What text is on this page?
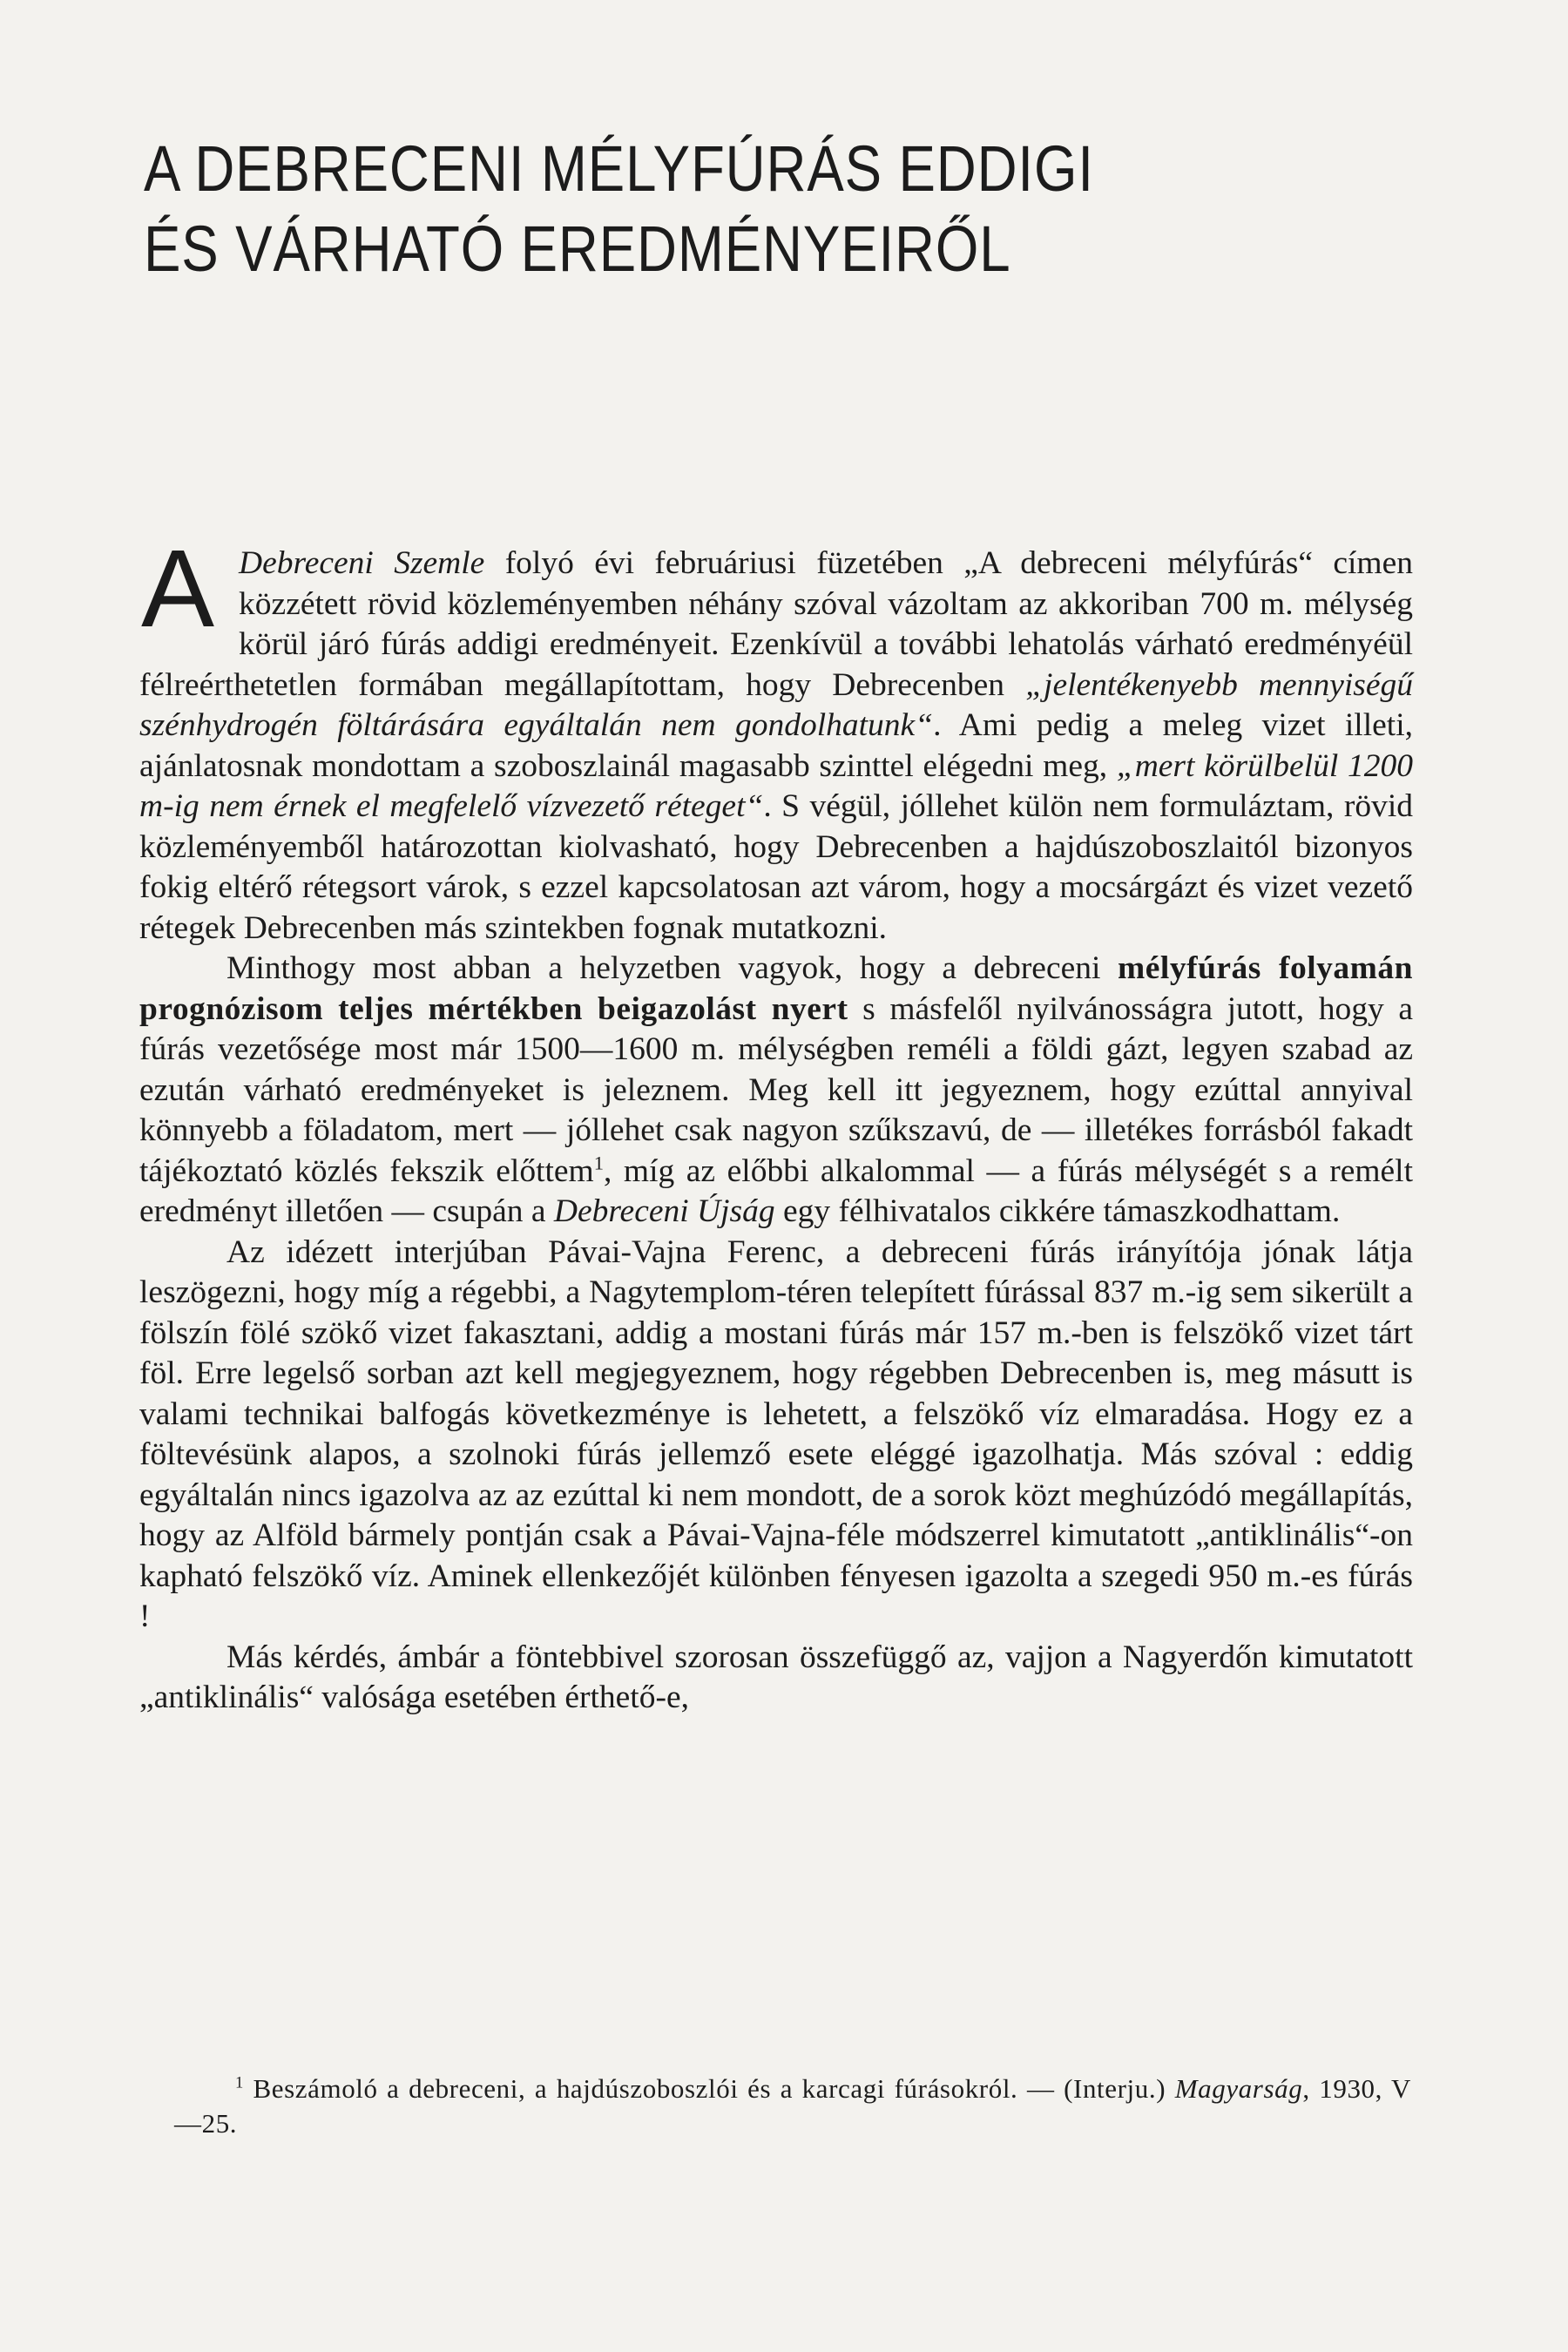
A DEBRECENI MÉLYFÚRÁS EDDIGI
ÉS VÁRHATÓ EREDMÉNYEIRŐL

A Debreceni Szemle folyó évi februáriusi füzetében „A debreceni mélyfúrás“ címen közzétett rövid közleményemben néhány szóval vázoltam az akkoriban 700 m. mélység körül járó fúrás addigi eredményeit. Ezenkívül a további lehatolás várható eredményéül félreérthetetlen formában megállapítottam, hogy Debrecenben „jelentékenyebb mennyiségű szénhydrogén föltárására egyáltalán nem gondolhatunk“. Ami pedig a meleg vizet illeti, ajánlatosnak mondottam a szoboszlainál magasabb szinttel elégedni meg, „mert körülbelül 1200 m-ig nem érnek el megfelelő vízvezető réteget“. S végül, jóllehet külön nem formuláztam, rövid közleményemből határozottan kiolvasható, hogy Debrecenben a hajdúszoboszlaitól bizonyos fokig eltérő rétegsort várok, s ezzel kapcsolatosan azt várom, hogy a mocsárgázt és vizet vezető rétegek Debrecenben más szintekben fognak mutatkozni.

Minthogy most abban a helyzetben vagyok, hogy a debreceni mélyfúrás folyamán prognózisom teljes mértékben beigazolást nyert s másfelől nyilvánosságra jutott, hogy a fúrás vezetősége most már 1500—1600 m. mélységben reméli a földi gázt, legyen szabad az ezután várható eredményeket is jeleznem. Meg kell itt jegyeznem, hogy ezúttal annyival könnyebb a föladatom, mert — jóllehet csak nagyon szűkszavú, de — illetékes forrásból fakadt tájékoztató közlés fekszik előttem$^1$, míg az előbbi alkalommal — a fúrás mélységét s a remélt eredményt illetően — csupán a Debreceni Újság egy félhivatalos cikkére támaszkodhattam.

Az idézett interjúban Pávai-Vajna Ferenc, a debreceni fúrás irányítója jónak látja leszögezni, hogy míg a régebbi, a Nagytemplom-téren telepített fúrással 837 m.-ig sem sikerült a fölszín fölé szökő vizet fakasztani, addig a mostani fúrás már 157 m.-ben is felszökő vizet tárt föl. Erre legelső sorban azt kell megjegyeznem, hogy régebben Debrecenben is, meg másutt is valami technikai balfogás következménye is lehetett, a felszökő víz elmaradása. Hogy ez a föltevésünk alapos, a szolnoki fúrás jellemző esete eléggé igazolhatja. Más szóval : eddig egyáltalán nincs igazolva az az ezúttal ki nem mondott, de a sorok közt meghúzódó megállapítás, hogy az Alföld bármely pontján csak a Pávai-Vajna-féle módszerrel kimutatott „antiklinális“-on kapható felszökő víz. Aminek ellenkezőjét különben fényesen igazolta a szegedi 950 m.-es fúrás !

Más kérdés, ámbár a föntebbivel szorosan összefüggő az, vajjon a Nagyerdőn kimutatott „antiklinális“ valósága esetében érthető-e,

$^1$ Beszámoló a debreceni, a hajdúszoboszlói és a karcagi fúrásokról. — (Interju.) Magyarság, 1930, V—25.
